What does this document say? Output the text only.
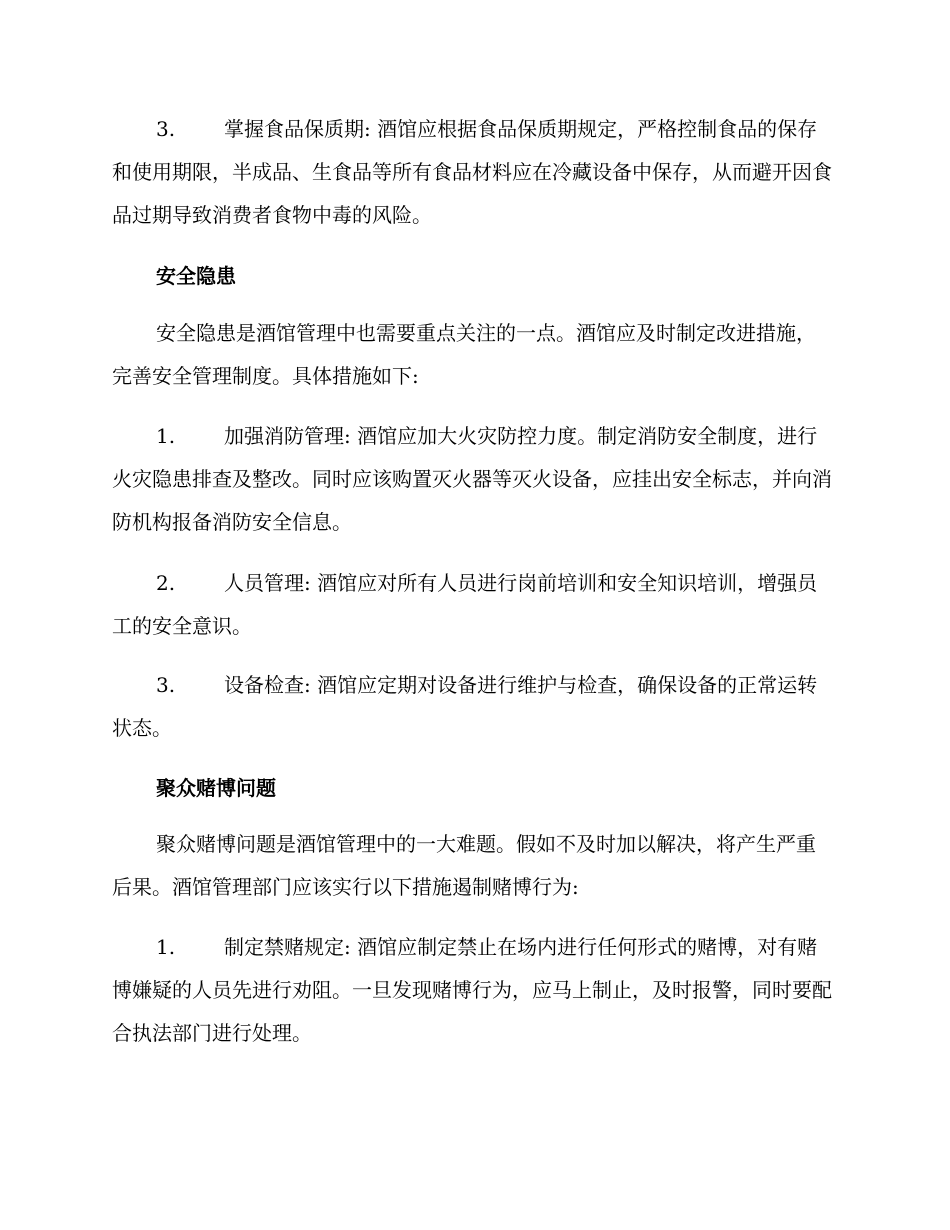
3. 掌握食品保质期: 酒馆应根据食品保质期规定，严格控制食品的保存和使用期限，半成品、生食品等所有食品材料应在冷藏设备中保存，从而避开因食品过期导致消费者食物中毒的风险。
安全隐患
安全隐患是酒馆管理中也需要重点关注的一点。酒馆应及时制定改进措施，完善安全管理制度。具体措施如下:
1. 加强消防管理: 酒馆应加大火灾防控力度。制定消防安全制度，进行火灾隐患排查及整改。同时应该购置灭火器等灭火设备，应挂出安全标志，并向消防机构报备消防安全信息。
2. 人员管理: 酒馆应对所有人员进行岗前培训和安全知识培训，增强员工的安全意识。
3. 设备检查: 酒馆应定期对设备进行维护与检查，确保设备的正常运转状态。
聚众赌博问题
聚众赌博问题是酒馆管理中的一大难题。假如不及时加以解决，将产生严重后果。酒馆管理部门应该实行以下措施遏制赌博行为:
1. 制定禁赌规定: 酒馆应制定禁止在场内进行任何形式的赌博，对有赌博嫌疑的人员先进行劝阻。一旦发现赌博行为，应马上制止，及时报警，同时要配合执法部门进行处理。
